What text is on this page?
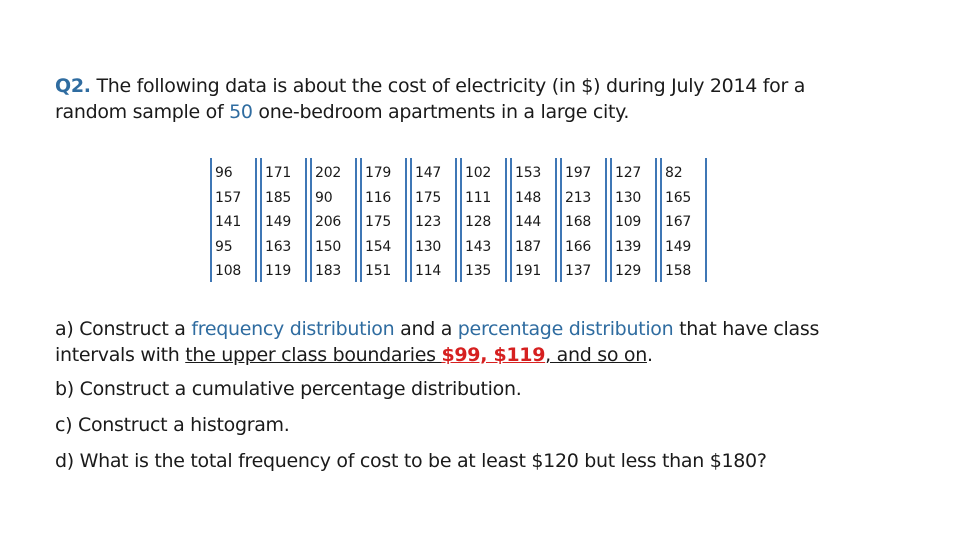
Q2. The following data is about the cost of electricity (in $) during July 2014 for a
random sample of 50 one-bedroom apartments in a large city.
96
157
141
95
108
171
185
149
163
119
202
90
206
150
183
179
116
175
154
151
147
175
123
130
114
102
111
128
143
135
153
148
144
187
191
197
213
168
166
137
127
130
109
139
129
82
165
167
149
158

a) Construct a frequency distribution and a percentage distribution that have class
intervals with the upper class boundaries $99, $119, and so on.

b) Construct a cumulative percentage distribution.

c) Construct a histogram.

d) What is the total frequency of cost to be at least $120 but less than $180?
